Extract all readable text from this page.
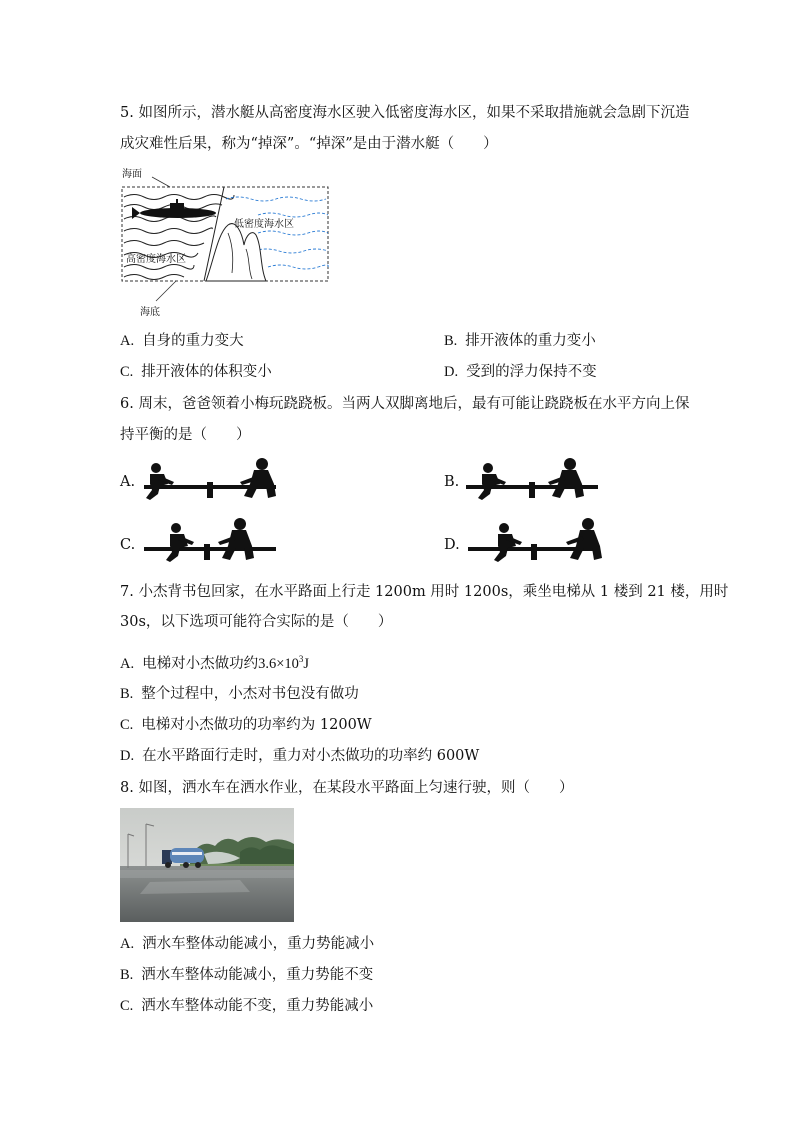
5. 如图所示，潜水艇从高密度海水区驶入低密度海水区，如果不采取措施就会急剧下沉造
成灾难性后果，称为“掉深”。“掉深”是由于潜水艇（　　）
海面
低密度海水区
高密度海水区
海底
A. 自身的重力变大	B. 排开液体的重力变小
C. 排开液体的体积变小	D. 受到的浮力保持不变
6. 周末，爸爸领着小梅玩跷跷板。当两人双脚离地后，最有可能让跷跷板在水平方向上保
持平衡的是（　　）
A.	B.
C.	D.
7. 小杰背书包回家，在水平路面上行走 1200m 用时 1200s，乘坐电梯从 1 楼到 21 楼，用时
30s，以下选项可能符合实际的是（　　）
A. 电梯对小杰做功约$3.6\times 10^3J$
B. 整个过程中，小杰对书包没有做功
C. 电梯对小杰做功的功率约为 1200W
D. 在水平路面行走时，重力对小杰做功的功率约 600W
8. 如图，洒水车在洒水作业，在某段水平路面上匀速行驶，则（　　）
A. 洒水车整体动能减小，重力势能减小
B. 洒水车整体动能减小，重力势能不变
C. 洒水车整体动能不变，重力势能减小
